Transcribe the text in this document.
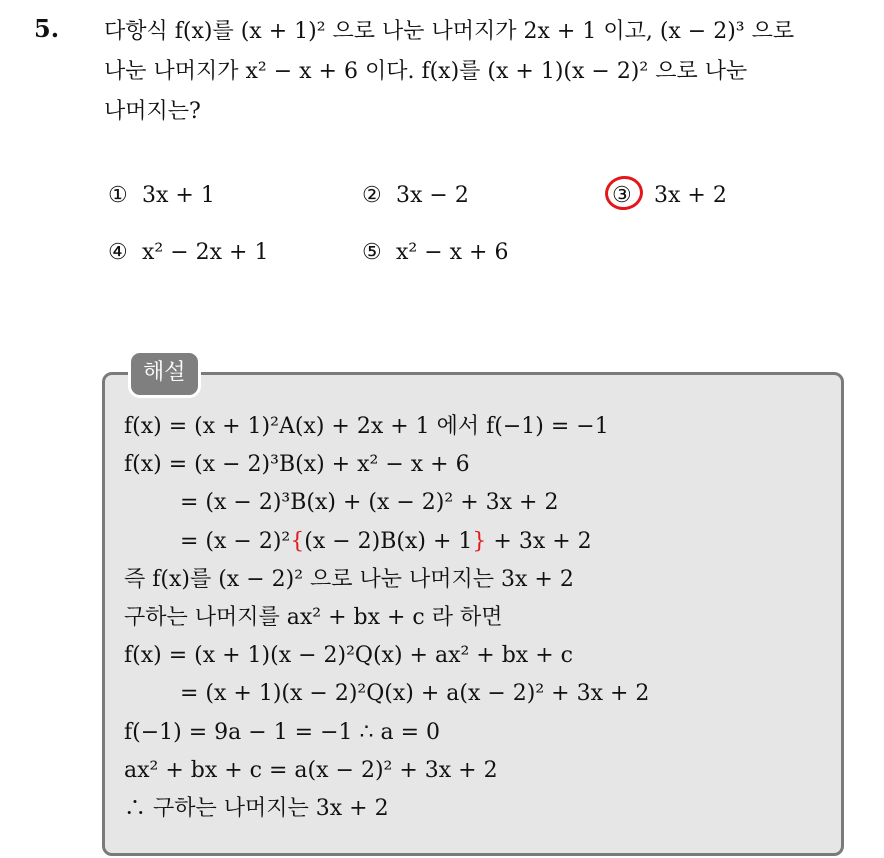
5. 다항식 f(x)를 (x + 1)² 으로 나눈 나머지가 2x + 1 이고, (x − 2)³ 으로
나눈 나머지가 x² − x + 6 이다. f(x)를 (x + 1)(x − 2)² 으로 나눈
나머지는?
① 3x + 1	② 3x − 2	③ 3x + 2
④ x² − 2x + 1	⑤ x² − x + 6
해설
f(x) = (x + 1)²A(x) + 2x + 1 에서 f(−1) = −1
f(x) = (x − 2)³B(x) + x² − x + 6
= (x − 2)³B(x) + (x − 2)² + 3x + 2
= (x − 2)²{(x − 2)B(x) + 1} + 3x + 2
즉 f(x)를 (x − 2)² 으로 나눈 나머지는 3x + 2
구하는 나머지를 ax² + bx + c 라 하면
f(x) = (x + 1)(x − 2)²Q(x) + ax² + bx + c
= (x + 1)(x − 2)²Q(x) + a(x − 2)² + 3x + 2
f(−1) = 9a − 1 = −1 ∴ a = 0
ax² + bx + c = a(x − 2)² + 3x + 2
∴ 구하는 나머지는 3x + 2
